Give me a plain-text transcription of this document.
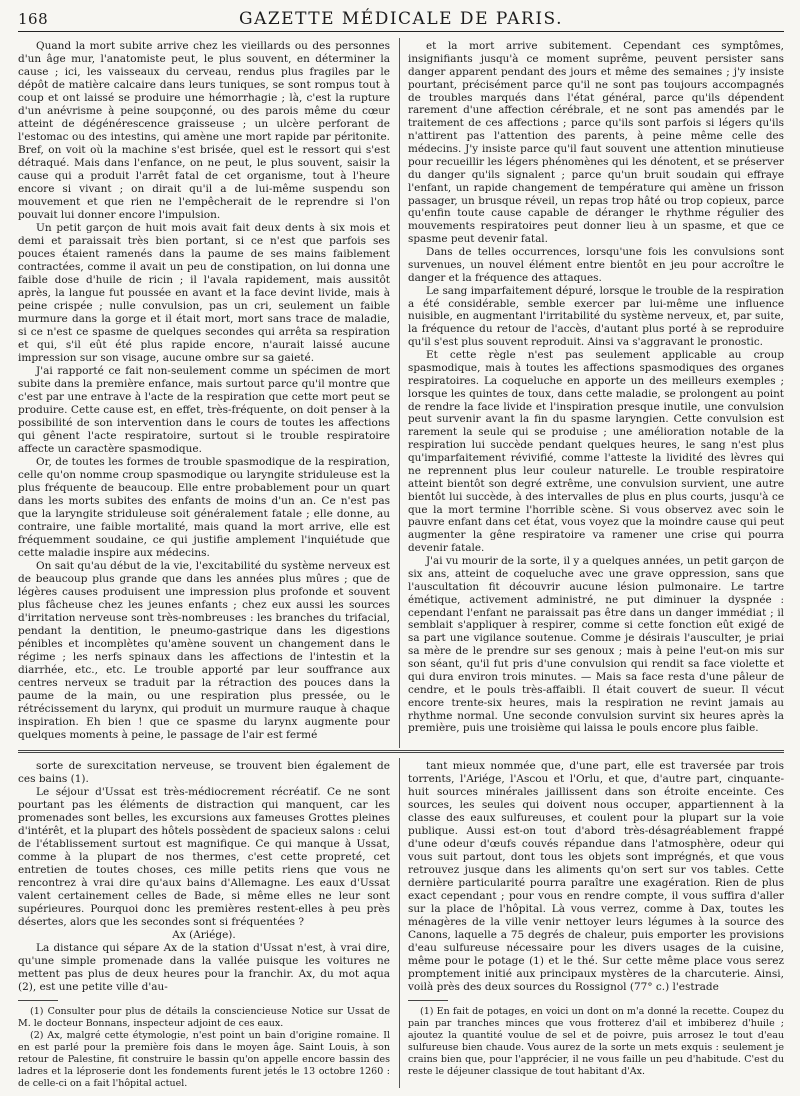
168	GAZETTE MÉDICALE DE PARIS.

Quand la mort subite arrive chez les vieillards ou des personnes d'un âge mur, l'anatomiste peut, le plus souvent, en déterminer la cause ; ici, les vaisseaux du cerveau, rendus plus fragiles par le dépôt de matière calcaire dans leurs tuniques, se sont rompus tout à coup et ont laissé se produire une hémorrhagie ; là, c'est la rupture d'un anévrisme à peine soupçonné, ou des parois même du cœur atteint de dégénérescence graisseuse ; un ulcère perforant de l'estomac ou des intestins, qui amène une mort rapide par péritonite. Bref, on voit où la machine s'est brisée, quel est le ressort qui s'est détraqué. Mais dans l'enfance, on ne peut, le plus souvent, saisir la cause qui a produit l'arrêt fatal de cet organisme, tout à l'heure encore si vivant ; on dirait qu'il a de lui-même suspendu son mouvement et que rien ne l'empêcherait de le reprendre si l'on pouvait lui donner encore l'impulsion.

Un petit garçon de huit mois avait fait deux dents à six mois et demi et paraissait très bien portant, si ce n'est que parfois ses pouces étaient ramenés dans la paume de ses mains faiblement contractées, comme il avait un peu de constipation, on lui donna une faible dose d'huile de ricin ; il l'avala rapidement, mais aussitôt après, la langue fut poussée en avant et la face devint livide, mais à peine crispée ; nulle convulsion, pas un cri, seulement un faible murmure dans la gorge et il était mort, mort sans trace de maladie, si ce n'est ce spasme de quelques secondes qui arrêta sa respiration et qui, s'il eût été plus rapide encore, n'aurait laissé aucune impression sur son visage, aucune ombre sur sa gaieté.

J'ai rapporté ce fait non-seulement comme un spécimen de mort subite dans la première enfance, mais surtout parce qu'il montre que c'est par une entrave à l'acte de la respiration que cette mort peut se produire. Cette cause est, en effet, très-fréquente, on doit penser à la possibilité de son intervention dans le cours de toutes les affections qui gênent l'acte respiratoire, surtout si le trouble respiratoire affecte un caractère spasmodique.

Or, de toutes les formes de trouble spasmodique de la respiration, celle qu'on nomme croup spasmodique ou laryngite striduleuse est la plus fréquente de beaucoup. Elle entre probablement pour un quart dans les morts subites des enfants de moins d'un an. Ce n'est pas que la laryngite striduleuse soit généralement fatale ; elle donne, au contraire, une faible mortalité, mais quand la mort arrive, elle est fréquemment soudaine, ce qui justifie amplement l'inquiétude que cette maladie inspire aux médecins.

On sait qu'au début de la vie, l'excitabilité du système nerveux est de beaucoup plus grande que dans les années plus mûres ; que de légères causes produisent une impression plus profonde et souvent plus fâcheuse chez les jeunes enfants ; chez eux aussi les sources d'irritation nerveuse sont très-nombreuses : les branches du trifacial, pendant la dentition, le pneumo-gastrique dans les digestions pénibles et incomplètes qu'amène souvent un changement dans le régime ; les nerfs spinaux dans les affections de l'intestin et la diarrhée, etc., etc. Le trouble apporté par leur souffrance aux centres nerveux se traduit par la rétraction des pouces dans la paume de la main, ou une respiration plus pressée, ou le rétrécissement du larynx, qui produit un murmure rauque à chaque inspiration. Eh bien ! que ce spasme du larynx augmente pour quelques moments à peine, le passage de l'air est fermé

et la mort arrive subitement. Cependant ces symptômes, insignifiants jusqu'à ce moment suprême, peuvent persister sans danger apparent pendant des jours et même des semaines ; j'y insiste pourtant, précisément parce qu'il ne sont pas toujours accompagnés de troubles marqués dans l'état général, parce qu'ils dépendent rarement d'une affection cérébrale, et ne sont pas amendés par le traitement de ces affections ; parce qu'ils sont parfois si légers qu'ils n'attirent pas l'attention des parents, à peine même celle des médecins. J'y insiste parce qu'il faut souvent une attention minutieuse pour recueillir les légers phénomènes qui les dénotent, et se préserver du danger qu'ils signalent ; parce qu'un bruit soudain qui effraye l'enfant, un rapide changement de température qui amène un frisson passager, un brusque réveil, un repas trop hâté ou trop copieux, parce qu'enfin toute cause capable de déranger le rhythme régulier des mouvements respiratoires peut donner lieu à un spasme, et que ce spasme peut devenir fatal.

Dans de telles occurrences, lorsqu'une fois les convulsions sont survenues, un nouvel élément entre bientôt en jeu pour accroître le danger et la fréquence des attaques.

Le sang imparfaitement dépuré, lorsque le trouble de la respiration a été considérable, semble exercer par lui-même une influence nuisible, en augmentant l'irritabilité du système nerveux, et, par suite, la fréquence du retour de l'accès, d'autant plus porté à se reproduire qu'il s'est plus souvent reproduit. Ainsi va s'aggravant le pronostic.

Et cette règle n'est pas seulement applicable au croup spasmodique, mais à toutes les affections spasmodiques des organes respiratoires. La coqueluche en apporte un des meilleurs exemples ; lorsque les quintes de toux, dans cette maladie, se prolongent au point de rendre la face livide et l'inspiration presque inutile, une convulsion peut survenir avant la fin du spasme laryngien. Cette convulsion est rarement la seule qui se produise ; une amélioration notable de la respiration lui succède pendant quelques heures, le sang n'est plus qu'imparfaitement révivifié, comme l'atteste la lividité des lèvres qui ne reprennent plus leur couleur naturelle. Le trouble respiratoire atteint bientôt son degré extrême, une convulsion survient, une autre bientôt lui succède, à des intervalles de plus en plus courts, jusqu'à ce que la mort termine l'horrible scène. Si vous observez avec soin le pauvre enfant dans cet état, vous voyez que la moindre cause qui peut augmenter la gêne respiratoire va ramener une crise qui pourra devenir fatale.

J'ai vu mourir de la sorte, il y a quelques années, un petit garçon de six ans, atteint de coqueluche avec une grave oppression, sans que l'auscultation fit découvrir aucune lésion pulmonaire. Le tartre émétique, activement administré, ne put diminuer la dyspnée : cependant l'enfant ne paraissait pas être dans un danger immédiat ; il semblait s'appliquer à respirer, comme si cette fonction eût exigé de sa part une vigilance soutenue. Comme je désirais l'ausculter, je priai sa mère de le prendre sur ses genoux ; mais à peine l'eut-on mis sur son séant, qu'il fut pris d'une convulsion qui rendit sa face violette et qui dura environ trois minutes. — Mais sa face resta d'une pâleur de cendre, et le pouls très-affaibli. Il était couvert de sueur. Il vécut encore trente-six heures, mais la respiration ne revint jamais au rhythme normal. Une seconde convulsion survint six heures après la première, puis une troisième qui laissa le pouls encore plus faible.

sorte de surexcitation nerveuse, se trouvent bien également de ces bains (1).

Le séjour d'Ussat est très-médiocrement récréatif. Ce ne sont pourtant pas les éléments de distraction qui manquent, car les promenades sont belles, les excursions aux fameuses Grottes pleines d'intérêt, et la plupart des hôtels possèdent de spacieux salons : celui de l'établissement surtout est magnifique. Ce qui manque à Ussat, comme à la plupart de nos thermes, c'est cette propreté, cet entretien de toutes choses, ces mille petits riens que vous ne rencontrez à vrai dire qu'aux bains d'Allemagne. Les eaux d'Ussat valent certainement celles de Bade, si même elles ne leur sont supérieures. Pourquoi donc les premières restent-elles à peu près désertes, alors que les secondes sont si fréquentées ?

Ax (Ariége).

La distance qui sépare Ax de la station d'Ussat n'est, à vrai dire, qu'une simple promenade dans la vallée puisque les voitures ne mettent pas plus de deux heures pour la franchir. Ax, du mot aqua (2), est une petite ville d'au-

tant mieux nommée que, d'une part, elle est traversée par trois torrents, l'Ariége, l'Ascou et l'Orlu, et que, d'autre part, cinquante-huit sources minérales jaillissent dans son étroite enceinte. Ces sources, les seules qui doivent nous occuper, appartiennent à la classe des eaux sulfureuses, et coulent pour la plupart sur la voie publique. Aussi est-on tout d'abord très-désagréablement frappé d'une odeur d'œufs couvés répandue dans l'atmosphère, odeur qui vous suit partout, dont tous les objets sont imprégnés, et que vous retrouvez jusque dans les aliments qu'on sert sur vos tables. Cette dernière particularité pourra paraître une exagération. Rien de plus exact cependant ; pour vous en rendre compte, il vous suffira d'aller sur la place de l'hôpital. Là vous verrez, comme à Dax, toutes les ménagères de la ville venir nettoyer leurs légumes à la source des Canons, laquelle a 75 degrés de chaleur, puis emporter les provisions d'eau sulfureuse nécessaire pour les divers usages de la cuisine, même pour le potage (1) et le thé. Sur cette même place vous serez promptement initié aux principaux mystères de la charcuterie. Ainsi, voilà près des deux sources du Rossignol (77° c.) l'estrade

(1) Consulter pour plus de détails la consciencieuse Notice sur Ussat de M. le docteur Bonnans, inspecteur adjoint de ces eaux.

(2) Ax, malgré cette étymologie, n'est point un bain d'origine romaine. Il en est parlé pour la première fois dans le moyen âge. Saint Louis, à son retour de Palestine, fit construire le bassin qu'on appelle encore bassin des ladres et la léproserie dont les fondements furent jetés le 13 octobre 1260 : de celle-ci on a fait l'hôpital actuel.

(1) En fait de potages, en voici un dont on m'a donné la recette. Coupez du pain par tranches minces que vous frotterez d'ail et imbiberez d'huile ; ajoutez la quantité voulue de sel et de poivre, puis arrosez le tout d'eau sulfureuse bien chaude. Vous aurez de la sorte un mets exquis : seulement je crains bien que, pour l'apprécier, il ne vous faille un peu d'habitude. C'est du reste le déjeuner classique de tout habitant d'Ax.
